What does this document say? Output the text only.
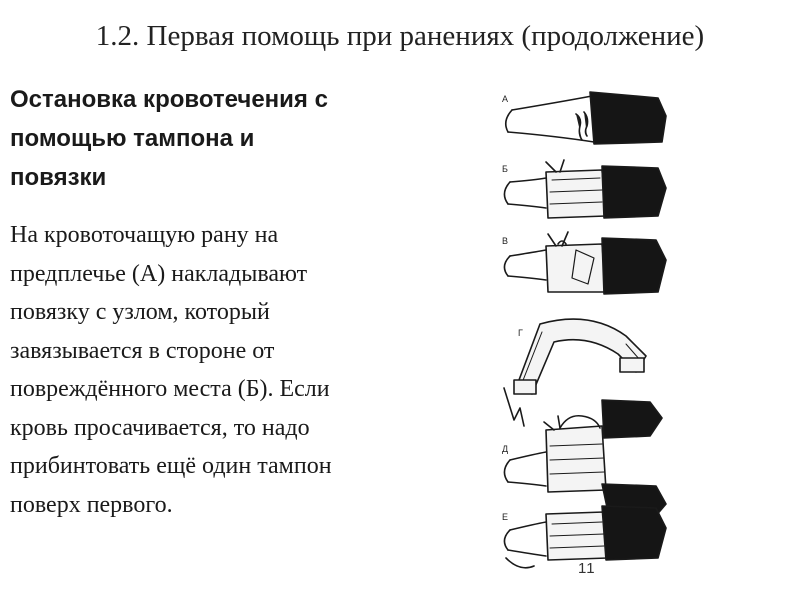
1.2. Первая помощь при ранениях (продолжение)
Остановка кровотечения с
помощью тампона и
повязки
На кровоточащую рану на
предплечье (А) накладывают
повязку с узлом, который
завязывается в стороне от
повреждённого места (Б). Если
кровь просачивается, то надо
прибинтовать ещё один тампон
поверх первого.
А
Б
В
Г
Д
Е
11
